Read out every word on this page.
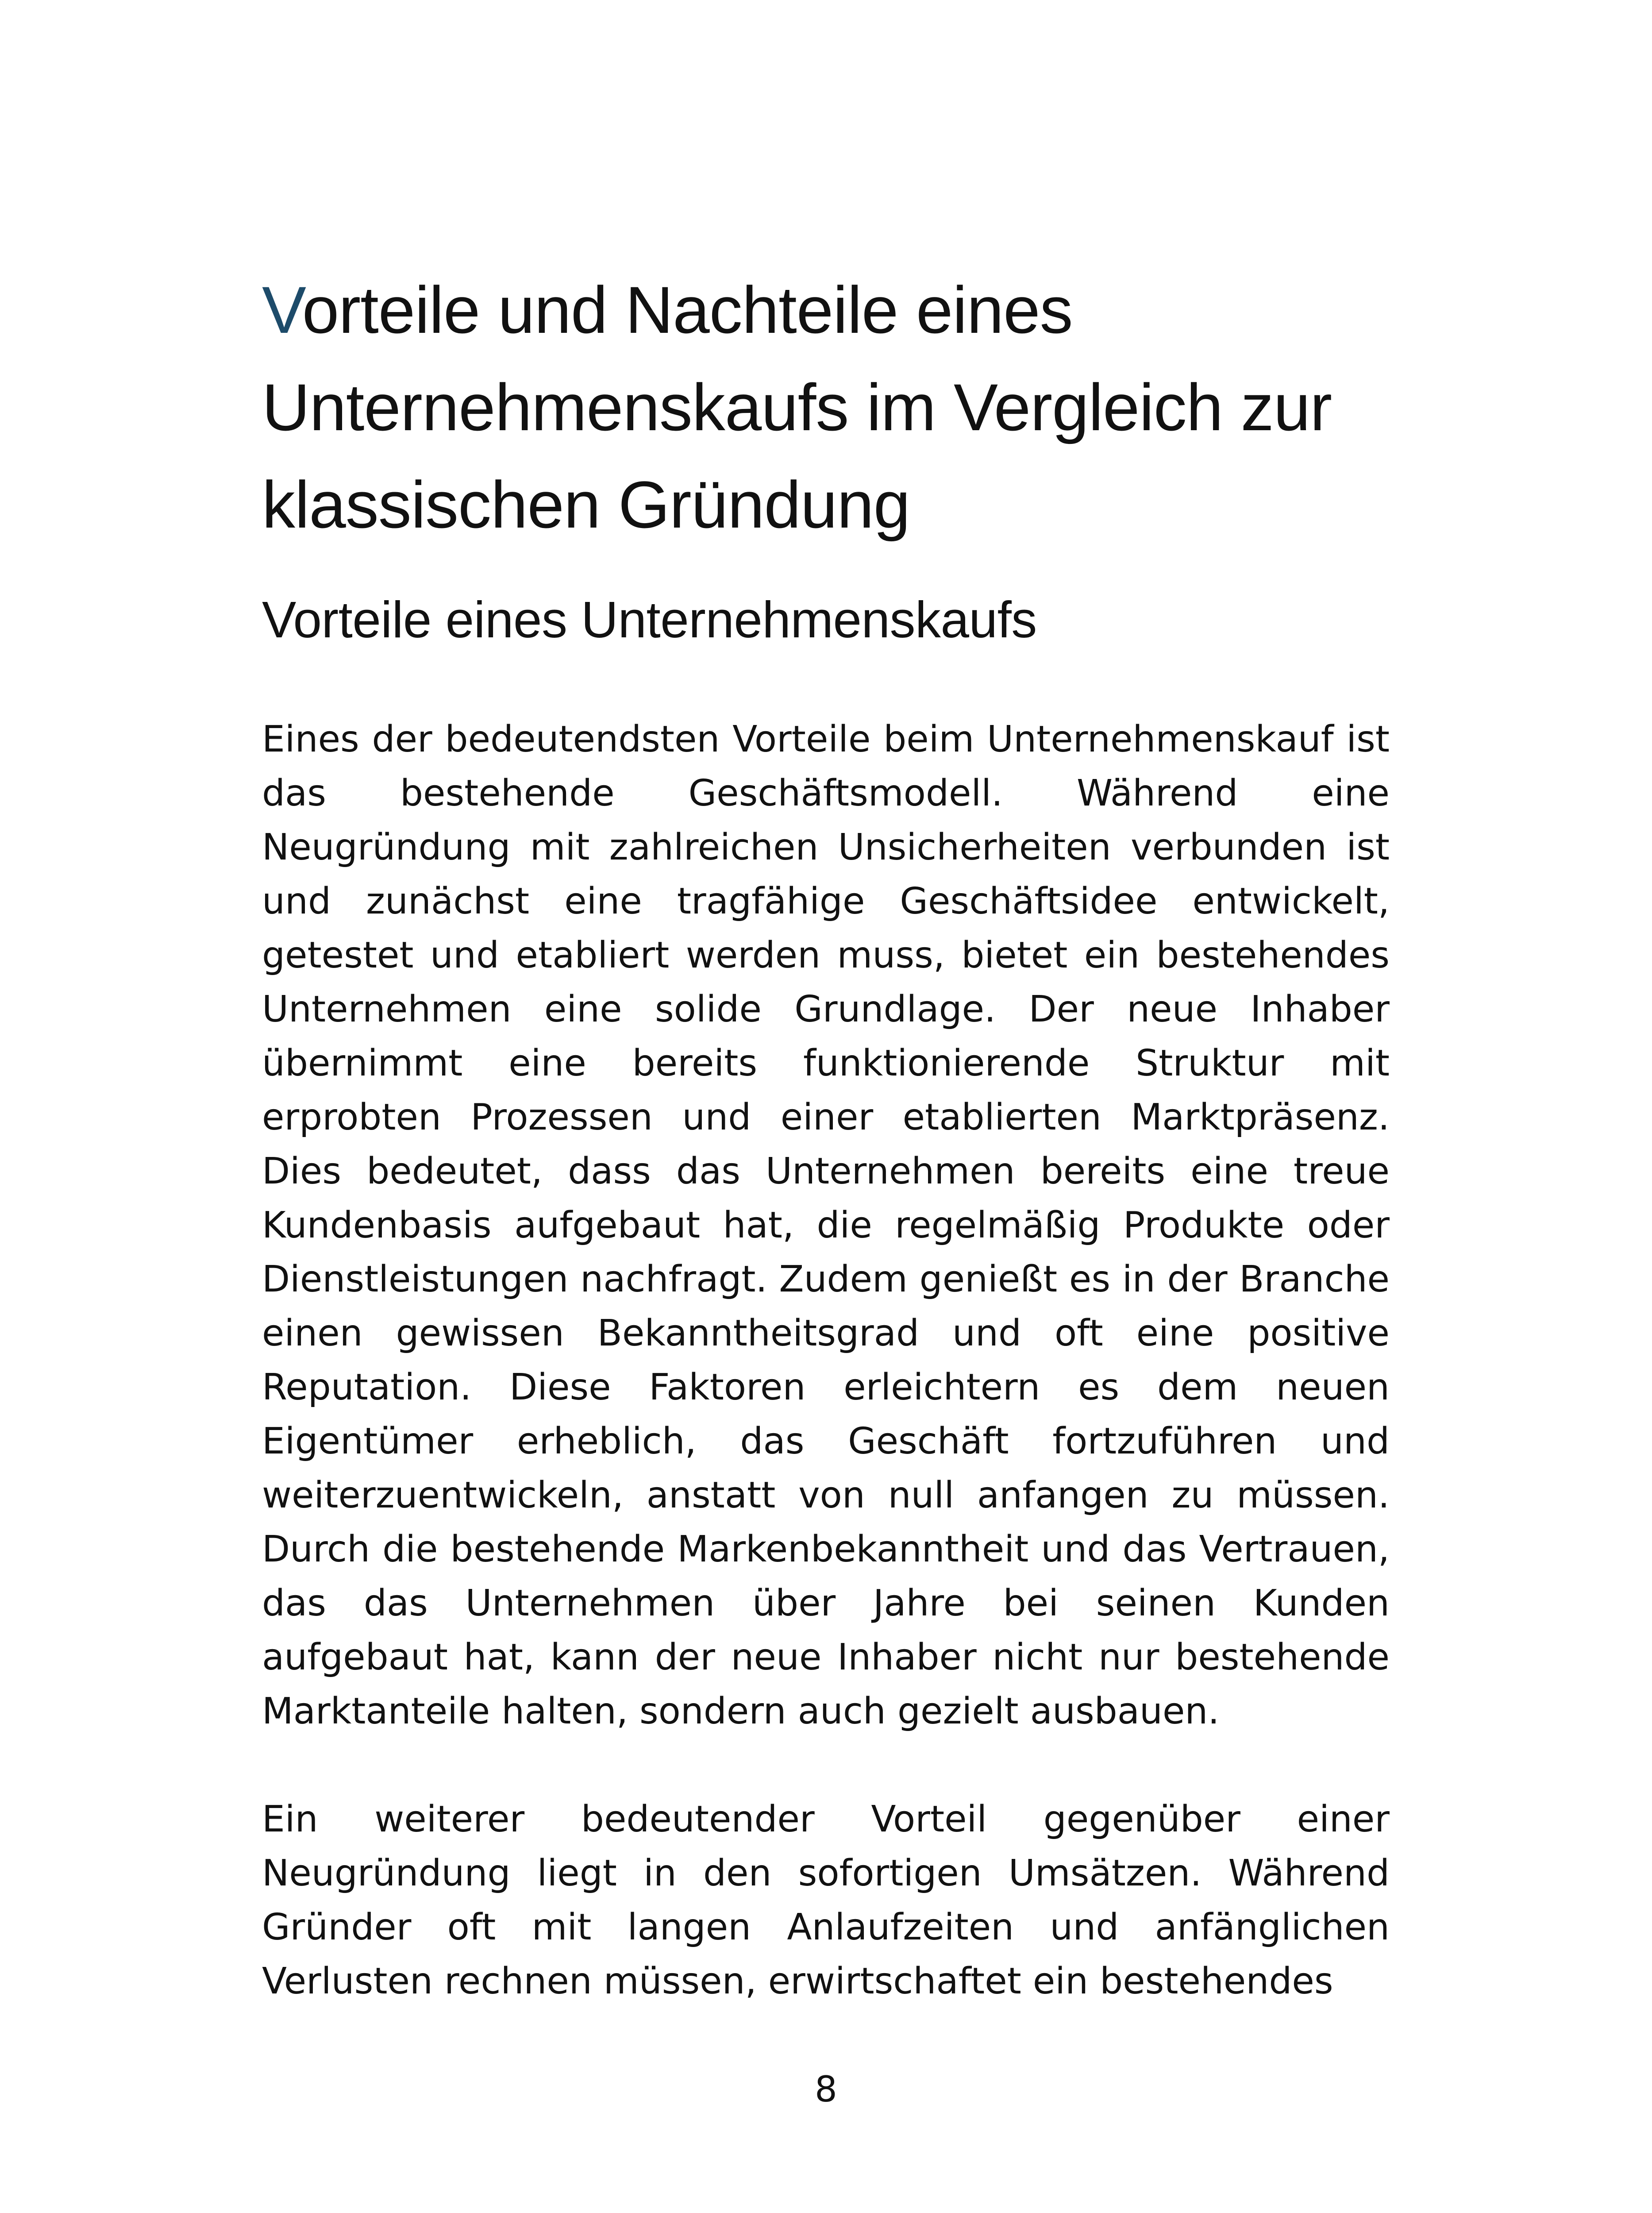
Vorteile und Nachteile eines Unternehmenskaufs im Vergleich zur klassischen Gründung
Vorteile eines Unternehmenskaufs

Eines der bedeutendsten Vorteile beim Unternehmenskauf ist das bestehende Geschäftsmodell. Während eine Neugründung mit zahlreichen Unsicherheiten verbunden ist und zunächst eine tragfähige Geschäftsidee entwickelt, getestet und etabliert werden muss, bietet ein bestehendes Unternehmen eine solide Grundlage. Der neue Inhaber übernimmt eine bereits funktionierende Struktur mit erprobten Prozessen und einer etablierten Marktpräsenz. Dies bedeutet, dass das Unternehmen bereits eine treue Kundenbasis aufgebaut hat, die regelmäßig Produkte oder Dienstleistungen nachfragt. Zudem genießt es in der Branche einen gewissen Bekanntheitsgrad und oft eine positive Reputation. Diese Faktoren erleichtern es dem neuen Eigentümer erheblich, das Geschäft fortzuführen und weiterzuentwickeln, anstatt von null anfangen zu müssen. Durch die bestehende Markenbekanntheit und das Vertrauen, das das Unternehmen über Jahre bei seinen Kunden aufgebaut hat, kann der neue Inhaber nicht nur bestehende Marktanteile halten, sondern auch gezielt ausbauen.

Ein weiterer bedeutender Vorteil gegenüber einer Neugründung liegt in den sofortigen Umsätzen. Während Gründer oft mit langen Anlaufzeiten und anfänglichen Verlusten rechnen müssen, erwirtschaftet ein bestehendes

8
